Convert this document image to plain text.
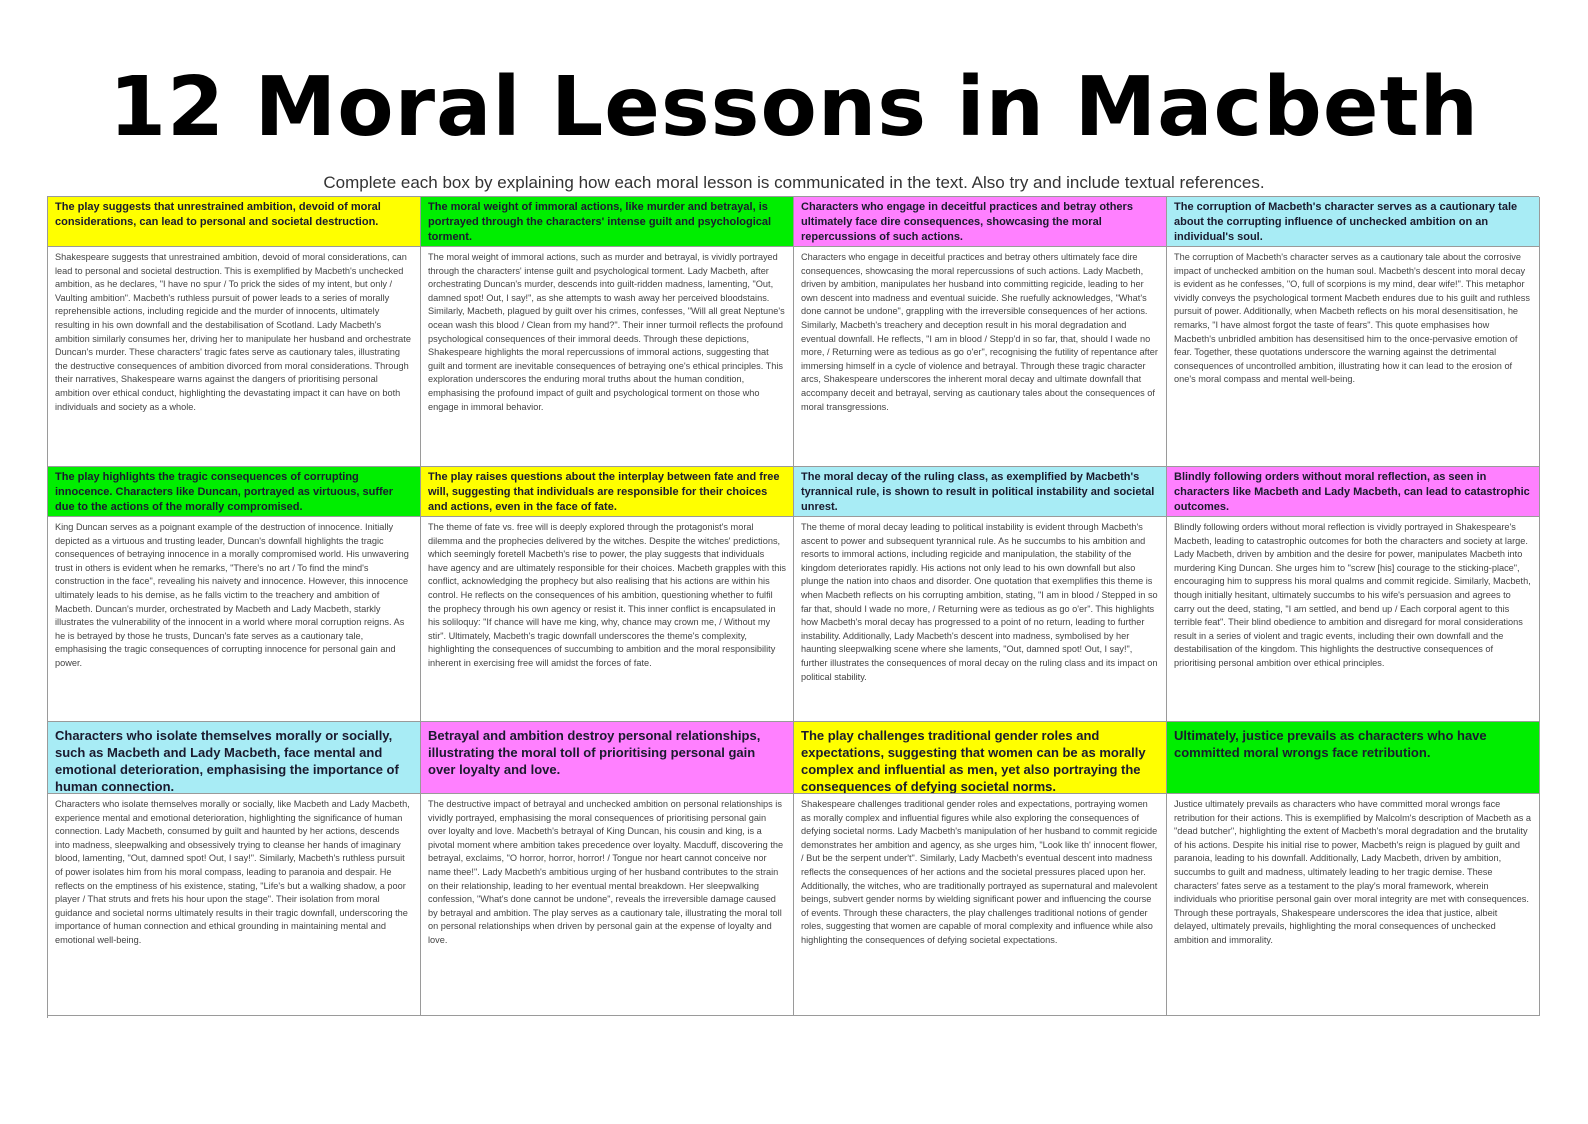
12 Moral Lessons in Macbeth

Complete each box by explaining how each moral lesson is communicated in the text. Also try and include textual references.

The play suggests that unrestrained ambition, devoid of moral considerations, can lead to personal and societal destruction.
The moral weight of immoral actions, like murder and betrayal, is portrayed through the characters' intense guilt and psychological torment.
Characters who engage in deceitful practices and betray others ultimately face dire consequences, showcasing the moral repercussions of such actions.
The corruption of Macbeth's character serves as a cautionary tale about the corrupting influence of unchecked ambition on an individual's soul.
Shakespeare suggests that unrestrained ambition, devoid of moral considerations, can lead to personal and societal destruction. This is exemplified by Macbeth's unchecked ambition, as he declares, "I have no spur / To prick the sides of my intent, but only / Vaulting ambition". Macbeth's ruthless pursuit of power leads to a series of morally reprehensible actions, including regicide and the murder of innocents, ultimately resulting in his own downfall and the destabilisation of Scotland. Lady Macbeth's ambition similarly consumes her, driving her to manipulate her husband and orchestrate Duncan's murder. These characters' tragic fates serve as cautionary tales, illustrating the destructive consequences of ambition divorced from moral considerations. Through their narratives, Shakespeare warns against the dangers of prioritising personal ambition over ethical conduct, highlighting the devastating impact it can have on both individuals and society as a whole.
The moral weight of immoral actions, such as murder and betrayal, is vividly portrayed through the characters' intense guilt and psychological torment. Lady Macbeth, after orchestrating Duncan's murder, descends into guilt-ridden madness, lamenting, "Out, damned spot! Out, I say!", as she attempts to wash away her perceived bloodstains. Similarly, Macbeth, plagued by guilt over his crimes, confesses, "Will all great Neptune's ocean wash this blood / Clean from my hand?". Their inner turmoil reflects the profound psychological consequences of their immoral deeds. Through these depictions, Shakespeare highlights the moral repercussions of immoral actions, suggesting that guilt and torment are inevitable consequences of betraying one's ethical principles. This exploration underscores the enduring moral truths about the human condition, emphasising the profound impact of guilt and psychological torment on those who engage in immoral behavior.
Characters who engage in deceitful practices and betray others ultimately face dire consequences, showcasing the moral repercussions of such actions. Lady Macbeth, driven by ambition, manipulates her husband into committing regicide, leading to her own descent into madness and eventual suicide. She ruefully acknowledges, "What's done cannot be undone", grappling with the irreversible consequences of her actions. Similarly, Macbeth's treachery and deception result in his moral degradation and eventual downfall. He reflects, "I am in blood / Stepp'd in so far, that, should I wade no more, / Returning were as tedious as go o'er", recognising the futility of repentance after immersing himself in a cycle of violence and betrayal. Through these tragic character arcs, Shakespeare underscores the inherent moral decay and ultimate downfall that accompany deceit and betrayal, serving as cautionary tales about the consequences of moral transgressions.
The corruption of Macbeth's character serves as a cautionary tale about the corrosive impact of unchecked ambition on the human soul. Macbeth's descent into moral decay is evident as he confesses, "O, full of scorpions is my mind, dear wife!". This metaphor vividly conveys the psychological torment Macbeth endures due to his guilt and ruthless pursuit of power. Additionally, when Macbeth reflects on his moral desensitisation, he remarks, "I have almost forgot the taste of fears". This quote emphasises how Macbeth's unbridled ambition has desensitised him to the once-pervasive emotion of fear. Together, these quotations underscore the warning against the detrimental consequences of uncontrolled ambition, illustrating how it can lead to the erosion of one's moral compass and mental well-being.
The play highlights the tragic consequences of corrupting innocence. Characters like Duncan, portrayed as virtuous, suffer due to the actions of the morally compromised.
The play raises questions about the interplay between fate and free will, suggesting that individuals are responsible for their choices and actions, even in the face of fate.
The moral decay of the ruling class, as exemplified by Macbeth's tyrannical rule, is shown to result in political instability and societal unrest.
Blindly following orders without moral reflection, as seen in characters like Macbeth and Lady Macbeth, can lead to catastrophic outcomes.
King Duncan serves as a poignant example of the destruction of innocence. Initially depicted as a virtuous and trusting leader, Duncan's downfall highlights the tragic consequences of betraying innocence in a morally compromised world. His unwavering trust in others is evident when he remarks, "There's no art / To find the mind's construction in the face", revealing his naivety and innocence. However, this innocence ultimately leads to his demise, as he falls victim to the treachery and ambition of Macbeth. Duncan's murder, orchestrated by Macbeth and Lady Macbeth, starkly illustrates the vulnerability of the innocent in a world where moral corruption reigns. As he is betrayed by those he trusts, Duncan's fate serves as a cautionary tale, emphasising the tragic consequences of corrupting innocence for personal gain and power.
The theme of fate vs. free will is deeply explored through the protagonist's moral dilemma and the prophecies delivered by the witches. Despite the witches' predictions, which seemingly foretell Macbeth's rise to power, the play suggests that individuals have agency and are ultimately responsible for their choices. Macbeth grapples with this conflict, acknowledging the prophecy but also realising that his actions are within his control. He reflects on the consequences of his ambition, questioning whether to fulfil the prophecy through his own agency or resist it. This inner conflict is encapsulated in his soliloquy: "If chance will have me king, why, chance may crown me, / Without my stir". Ultimately, Macbeth's tragic downfall underscores the theme's complexity, highlighting the consequences of succumbing to ambition and the moral responsibility inherent in exercising free will amidst the forces of fate.
The theme of moral decay leading to political instability is evident through Macbeth's ascent to power and subsequent tyrannical rule. As he succumbs to his ambition and resorts to immoral actions, including regicide and manipulation, the stability of the kingdom deteriorates rapidly. His actions not only lead to his own downfall but also plunge the nation into chaos and disorder. One quotation that exemplifies this theme is when Macbeth reflects on his corrupting ambition, stating, "I am in blood / Stepped in so far that, should I wade no more, / Returning were as tedious as go o'er". This highlights how Macbeth's moral decay has progressed to a point of no return, leading to further instability. Additionally, Lady Macbeth's descent into madness, symbolised by her haunting sleepwalking scene where she laments, "Out, damned spot! Out, I say!", further illustrates the consequences of moral decay on the ruling class and its impact on political stability.
Blindly following orders without moral reflection is vividly portrayed in Shakespeare's Macbeth, leading to catastrophic outcomes for both the characters and society at large. Lady Macbeth, driven by ambition and the desire for power, manipulates Macbeth into murdering King Duncan. She urges him to "screw [his] courage to the sticking-place", encouraging him to suppress his moral qualms and commit regicide. Similarly, Macbeth, though initially hesitant, ultimately succumbs to his wife's persuasion and agrees to carry out the deed, stating, "I am settled, and bend up / Each corporal agent to this terrible feat". Their blind obedience to ambition and disregard for moral considerations result in a series of violent and tragic events, including their own downfall and the destabilisation of the kingdom. This highlights the destructive consequences of prioritising personal ambition over ethical principles.
Characters who isolate themselves morally or socially, such as Macbeth and Lady Macbeth, face mental and emotional deterioration, emphasising the importance of human connection.
Betrayal and ambition destroy personal relationships, illustrating the moral toll of prioritising personal gain over loyalty and love.
The play challenges traditional gender roles and expectations, suggesting that women can be as morally complex and influential as men, yet also portraying the consequences of defying societal norms.
Ultimately, justice prevails as characters who have committed moral wrongs face retribution.
Characters who isolate themselves morally or socially, like Macbeth and Lady Macbeth, experience mental and emotional deterioration, highlighting the significance of human connection. Lady Macbeth, consumed by guilt and haunted by her actions, descends into madness, sleepwalking and obsessively trying to cleanse her hands of imaginary blood, lamenting, "Out, damned spot! Out, I say!". Similarly, Macbeth's ruthless pursuit of power isolates him from his moral compass, leading to paranoia and despair. He reflects on the emptiness of his existence, stating, "Life's but a walking shadow, a poor player / That struts and frets his hour upon the stage". Their isolation from moral guidance and societal norms ultimately results in their tragic downfall, underscoring the importance of human connection and ethical grounding in maintaining mental and emotional well-being.
The destructive impact of betrayal and unchecked ambition on personal relationships is vividly portrayed, emphasising the moral consequences of prioritising personal gain over loyalty and love. Macbeth's betrayal of King Duncan, his cousin and king, is a pivotal moment where ambition takes precedence over loyalty. Macduff, discovering the betrayal, exclaims, "O horror, horror, horror! / Tongue nor heart cannot conceive nor name thee!". Lady Macbeth's ambitious urging of her husband contributes to the strain on their relationship, leading to her eventual mental breakdown. Her sleepwalking confession, "What's done cannot be undone", reveals the irreversible damage caused by betrayal and ambition. The play serves as a cautionary tale, illustrating the moral toll on personal relationships when driven by personal gain at the expense of loyalty and love.
Shakespeare challenges traditional gender roles and expectations, portraying women as morally complex and influential figures while also exploring the consequences of defying societal norms. Lady Macbeth's manipulation of her husband to commit regicide demonstrates her ambition and agency, as she urges him, "Look like th' innocent flower, / But be the serpent under't". Similarly, Lady Macbeth's eventual descent into madness reflects the consequences of her actions and the societal pressures placed upon her. Additionally, the witches, who are traditionally portrayed as supernatural and malevolent beings, subvert gender norms by wielding significant power and influencing the course of events. Through these characters, the play challenges traditional notions of gender roles, suggesting that women are capable of moral complexity and influence while also highlighting the consequences of defying societal expectations.
Justice ultimately prevails as characters who have committed moral wrongs face retribution for their actions. This is exemplified by Malcolm's description of Macbeth as a "dead butcher", highlighting the extent of Macbeth's moral degradation and the brutality of his actions. Despite his initial rise to power, Macbeth's reign is plagued by guilt and paranoia, leading to his downfall. Additionally, Lady Macbeth, driven by ambition, succumbs to guilt and madness, ultimately leading to her tragic demise. These characters' fates serve as a testament to the play's moral framework, wherein individuals who prioritise personal gain over moral integrity are met with consequences. Through these portrayals, Shakespeare underscores the idea that justice, albeit delayed, ultimately prevails, highlighting the moral consequences of unchecked ambition and immorality.
